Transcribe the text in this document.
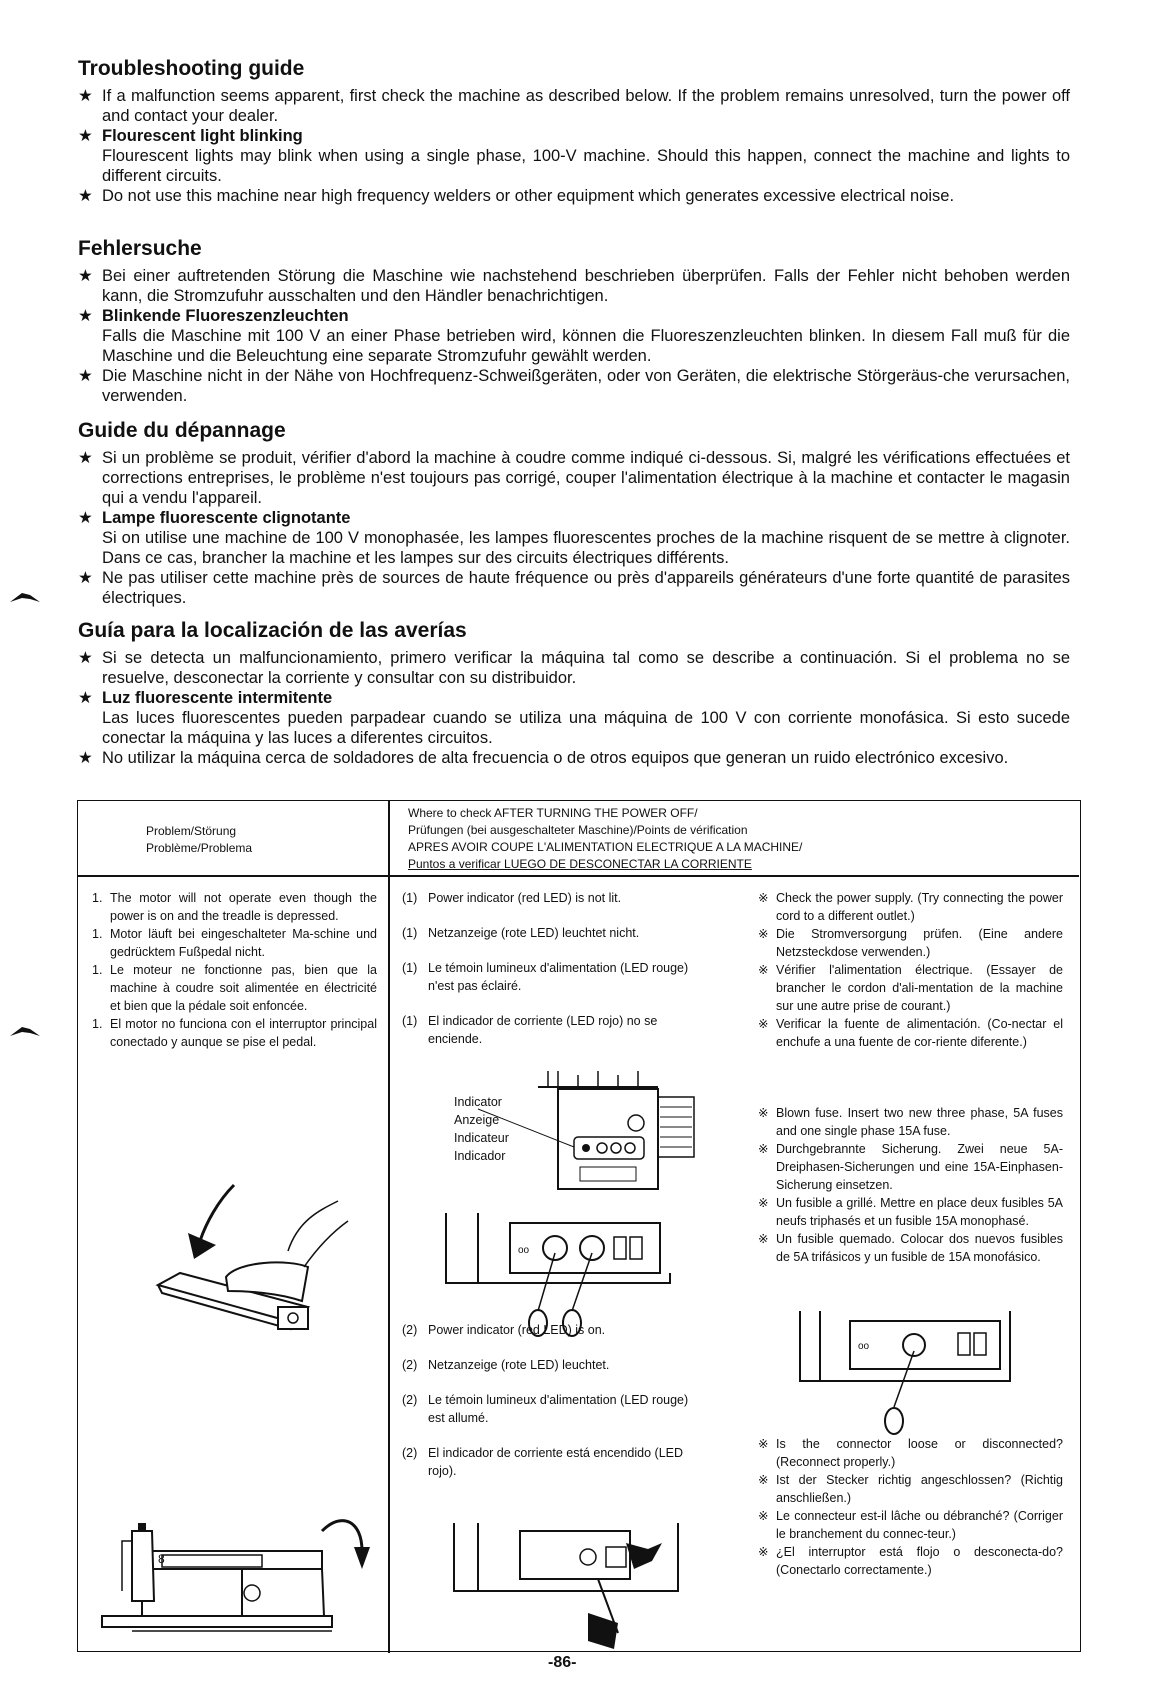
Troubleshooting guide
★ If a malfunction seems apparent, first check the machine as described below. If the problem remains unresolved, turn the power off and contact your dealer.

★ Flourescent light blinking

Flourescent lights may blink when using a single phase, 100-V machine. Should this happen, connect the machine and lights to different circuits.

★ Do not use this machine near high frequency welders or other equipment which generates excessive electrical noise.

Fehlersuche
★ Bei einer auftretenden Störung die Maschine wie nachstehend beschrieben überprüfen. Falls der Fehler nicht behoben werden kann, die Stromzufuhr ausschalten und den Händler benachrichtigen.

★ Blinkende Fluoreszenzleuchten

Falls die Maschine mit 100 V an einer Phase betrieben wird, können die Fluoreszenzleuchten blinken. In diesem Fall muß für die Maschine und die Beleuchtung eine separate Stromzufuhr gewählt werden.

★ Die Maschine nicht in der Nähe von Hochfrequenz-Schweißgeräten, oder von Geräten, die elektrische Störgeräus-che verursachen, verwenden.

Guide du dépannage
★ Si un problème se produit, vérifier d'abord la machine à coudre comme indiqué ci-dessous. Si, malgré les vérifications effectuées et corrections entreprises, le problème n'est toujours pas corrigé, couper l'alimentation électrique à la machine et contacter le magasin qui a vendu l'appareil.

★ Lampe fluorescente clignotante

Si on utilise une machine de 100 V monophasée, les lampes fluorescentes proches de la machine risquent de se mettre à clignoter. Dans ce cas, brancher la machine et les lampes sur des circuits électriques différents.

★ Ne pas utiliser cette machine près de sources de haute fréquence ou près d'appareils générateurs d'une forte quantité de parasites électriques.

Guía para la localización de las averías
★ Si se detecta un malfuncionamiento, primero verificar la máquina tal como se describe a continuación. Si el problema no se resuelve, desconectar la corriente y consultar con su distribuidor.

★ Luz fluorescente intermitente

Las luces fluorescentes pueden parpadear cuando se utiliza una máquina de 100 V con corriente monofásica. Si esto sucede conectar la máquina y las luces a diferentes circuitos.

★ No utilizar la máquina cerca de soldadores de alta frecuencia o de otros equipos que generan un ruido electrónico excesivo.

Problem/Störung
Problème/Problema
Where to check AFTER TURNING THE POWER OFF/
Prüfungen (bei ausgeschalteter Maschine)/Points de vérification
APRES AVOIR COUPE L'ALIMENTATION ELECTRIQUE A LA MACHINE/
Puntos a verificar LUEGO DE DESCONECTAR LA CORRIENTE
1. The motor will not operate even though the power is on and the treadle is depressed.
1. Motor läuft bei eingeschalteter Ma-schine und gedrücktem Fußpedal nicht.
1. Le moteur ne fonctionne pas, bien que la machine à coudre soit alimentée en électricité et bien que la pédale soit enfoncée.
1. El motor no funciona con el interruptor principal conectado y aunque se pise el pedal.
8
(1) Power indicator (red LED) is not lit.
(1) Netzanzeige (rote LED) leuchtet nicht.
(1) Le témoin lumineux d'alimentation (LED rouge) n'est pas éclairé.
(1) El indicador de corriente (LED rojo) no se enciende.
Indicator
Anzeige
Indicateur
Indicador
oo
(2) Power indicator (red LED) is on.
(2) Netzanzeige (rote LED) leuchtet.
(2) Le témoin lumineux d'alimentation (LED rouge) est allumé.
(2) El indicador de corriente está encendido (LED rojo).
※ Check the power supply. (Try connecting the power cord to a different outlet.)
※ Die Stromversorgung prüfen. (Eine andere Netzsteckdose verwenden.)
※ Vérifier l'alimentation électrique. (Essayer de brancher le cordon d'ali-mentation de la machine sur une autre prise de courant.)
※ Verificar la fuente de alimentación. (Co-nectar el enchufe a una fuente de cor-riente diferente.)
※ Blown fuse. Insert two new three phase, 5A fuses and one single phase 15A fuse.
※ Durchgebrannte Sicherung. Zwei neue 5A-Dreiphasen-Sicherungen und eine 15A-Einphasen-Sicherung einsetzen.
※ Un fusible a grillé. Mettre en place deux fusibles 5A neufs triphasés et un fusible 15A monophasé.
※ Un fusible quemado. Colocar dos nuevos fusibles de 5A trifásicos y un fusible de 15A monofásico.
oo
※ Is the connector loose or disconnected? (Reconnect properly.)
※ Ist der Stecker richtig angeschlossen? (Richtig anschließen.)
※ Le connecteur est-il lâche ou débranché? (Corriger le branchement du connec-teur.)
※ ¿El interruptor está flojo o desconecta-do? (Conectarlo correctamente.)
-86-
